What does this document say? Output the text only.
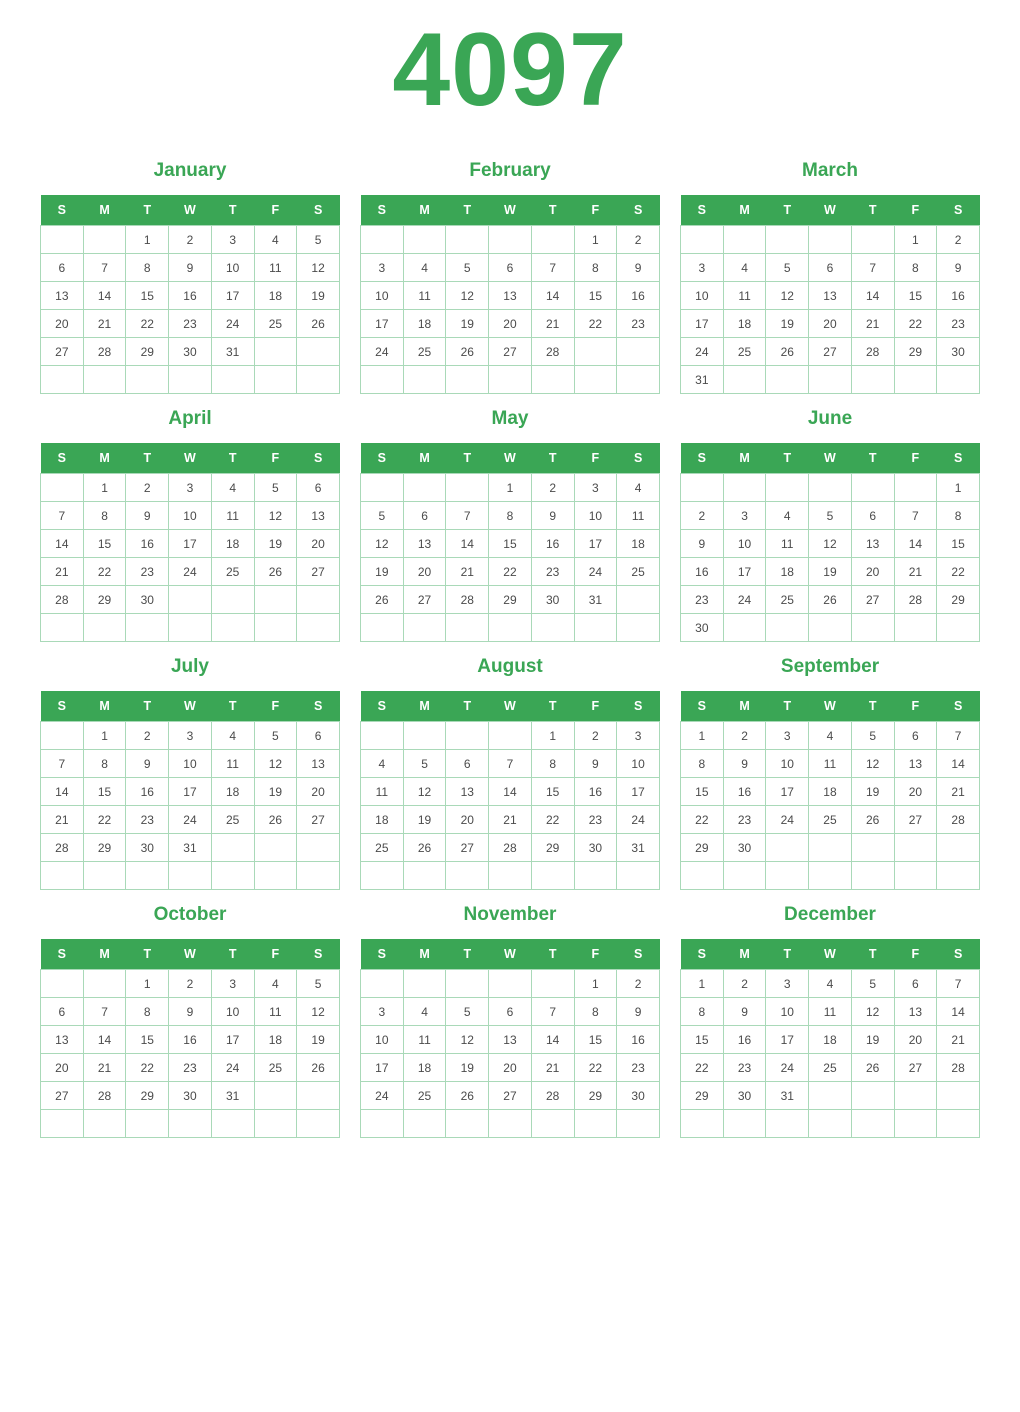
4097
January
S	M	T	W	T	F	S
		1	2	3	4	5
6	7	8	9	10	11	12
13	14	15	16	17	18	19
20	21	22	23	24	25	26
27	28	29	30	31		

February
S	M	T	W	T	F	S
					1	2
3	4	5	6	7	8	9
10	11	12	13	14	15	16
17	18	19	20	21	22	23
24	25	26	27	28		

March
S	M	T	W	T	F	S
					1	2
3	4	5	6	7	8	9
10	11	12	13	14	15	16
17	18	19	20	21	22	23
24	25	26	27	28	29	30
31						
April
S	M	T	W	T	F	S
	1	2	3	4	5	6
7	8	9	10	11	12	13
14	15	16	17	18	19	20
21	22	23	24	25	26	27
28	29	30				

May
S	M	T	W	T	F	S
			1	2	3	4
5	6	7	8	9	10	11
12	13	14	15	16	17	18
19	20	21	22	23	24	25
26	27	28	29	30	31	

June
S	M	T	W	T	F	S
						1
2	3	4	5	6	7	8
9	10	11	12	13	14	15
16	17	18	19	20	21	22
23	24	25	26	27	28	29
30						
July
S	M	T	W	T	F	S
	1	2	3	4	5	6
7	8	9	10	11	12	13
14	15	16	17	18	19	20
21	22	23	24	25	26	27
28	29	30	31			

August
S	M	T	W	T	F	S
				1	2	3
4	5	6	7	8	9	10
11	12	13	14	15	16	17
18	19	20	21	22	23	24
25	26	27	28	29	30	31

September
S	M	T	W	T	F	S
1	2	3	4	5	6	7
8	9	10	11	12	13	14
15	16	17	18	19	20	21
22	23	24	25	26	27	28
29	30					

October
S	M	T	W	T	F	S
		1	2	3	4	5
6	7	8	9	10	11	12
13	14	15	16	17	18	19
20	21	22	23	24	25	26
27	28	29	30	31		

November
S	M	T	W	T	F	S
					1	2
3	4	5	6	7	8	9
10	11	12	13	14	15	16
17	18	19	20	21	22	23
24	25	26	27	28	29	30

December
S	M	T	W	T	F	S
1	2	3	4	5	6	7
8	9	10	11	12	13	14
15	16	17	18	19	20	21
22	23	24	25	26	27	28
29	30	31				
